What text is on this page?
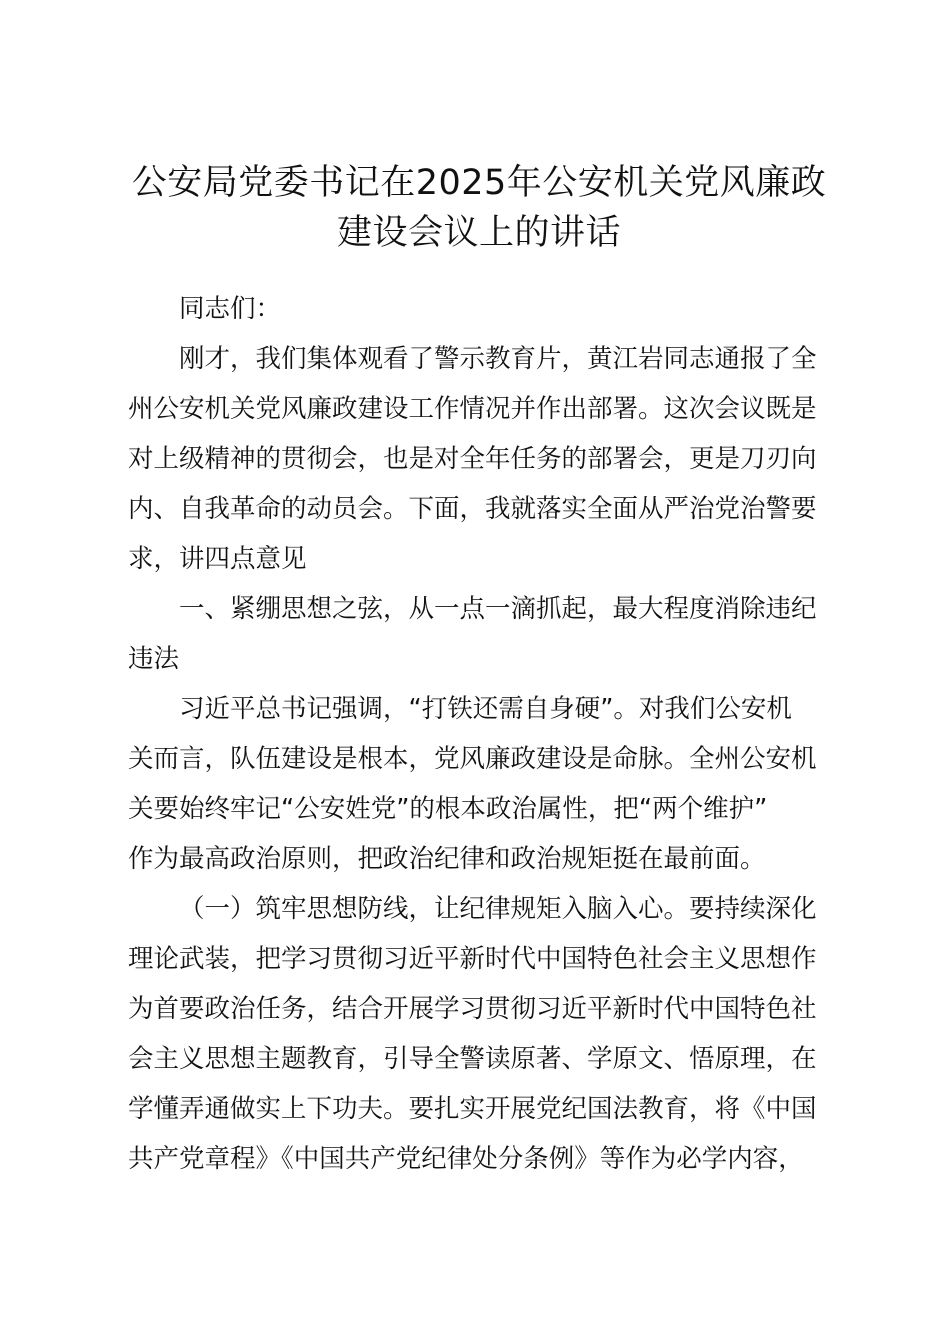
公安局党委书记在2025年公安机关党风廉政
建设会议上的讲话
同志们：
刚才，我们集体观看了警示教育片，黄江岩同志通报了全
州公安机关党风廉政建设工作情况并作出部署。这次会议既是
对上级精神的贯彻会，也是对全年任务的部署会，更是刀刃向
内、自我革命的动员会。下面，我就落实全面从严治党治警要
求，讲四点意见
一、紧绷思想之弦，从一点一滴抓起，最大程度消除违纪
违法
习近平总书记强调，“打铁还需自身硬”。对我们公安机
关而言，队伍建设是根本，党风廉政建设是命脉。全州公安机
关要始终牢记“公安姓党”的根本政治属性，把“两个维护”
作为最高政治原则，把政治纪律和政治规矩挺在最前面。
（一）筑牢思想防线，让纪律规矩入脑入心。要持续深化
理论武装，把学习贯彻习近平新时代中国特色社会主义思想作
为首要政治任务，结合开展学习贯彻习近平新时代中国特色社
会主义思想主题教育，引导全警读原著、学原文、悟原理，在
学懂弄通做实上下功夫。要扎实开展党纪国法教育，将《中国
共产党章程》《中国共产党纪律处分条例》等作为必学内容，
